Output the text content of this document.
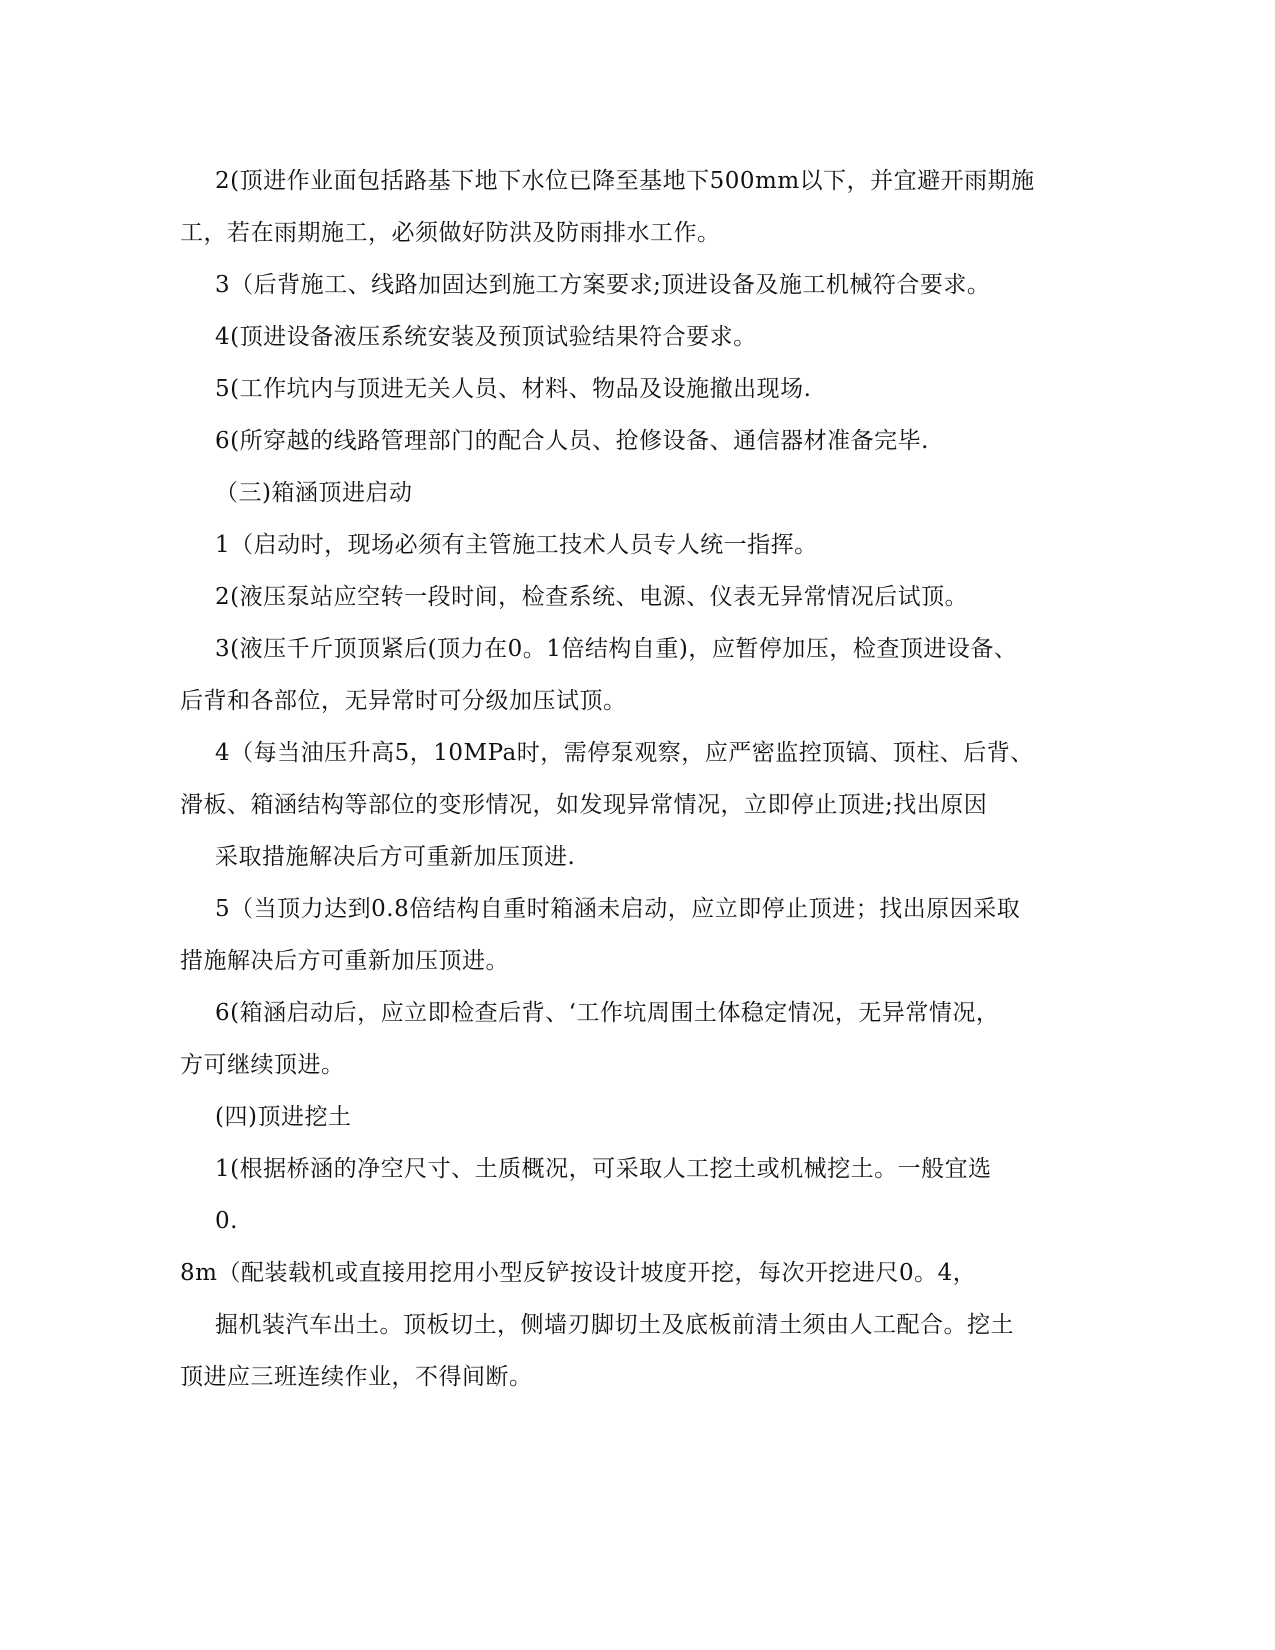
2(顶进作业面包括路基下地下水位已降至基地下500mm以下，并宜避开雨期施
工，若在雨期施工，必须做好防洪及防雨排水工作。
3（后背施工、线路加固达到施工方案要求;顶进设备及施工机械符合要求。
4(顶进设备液压系统安装及预顶试验结果符合要求。
5(工作坑内与顶进无关人员、材料、物品及设施撤出现场.
6(所穿越的线路管理部门的配合人员、抢修设备、通信器材准备完毕.
（三)箱涵顶进启动
1（启动时，现场必须有主管施工技术人员专人统一指挥。
2(液压泵站应空转一段时间，检查系统、电源、仪表无异常情况后试顶。
3(液压千斤顶顶紧后(顶力在0。1倍结构自重)，应暂停加压，检查顶进设备、
后背和各部位，无异常时可分级加压试顶。
4（每当油压升高5，10MPa时，需停泵观察，应严密监控顶镐、顶柱、后背、
滑板、箱涵结构等部位的变形情况，如发现异常情况，立即停止顶进;找出原因
采取措施解决后方可重新加压顶进.
5（当顶力达到0.8倍结构自重时箱涵未启动，应立即停止顶进；找出原因采取
措施解决后方可重新加压顶进。
6(箱涵启动后，应立即检查后背、‘工作坑周围土体稳定情况，无异常情况，
方可继续顶进。
(四)顶进挖土
1(根据桥涵的净空尺寸、土质概况，可采取人工挖土或机械挖土。一般宜选
0.
8m（配装载机或直接用挖用小型反铲按设计坡度开挖，每次开挖进尺0。4，
掘机装汽车出土。顶板切土，侧墙刃脚切土及底板前清土须由人工配合。挖土
顶进应三班连续作业，不得间断。
